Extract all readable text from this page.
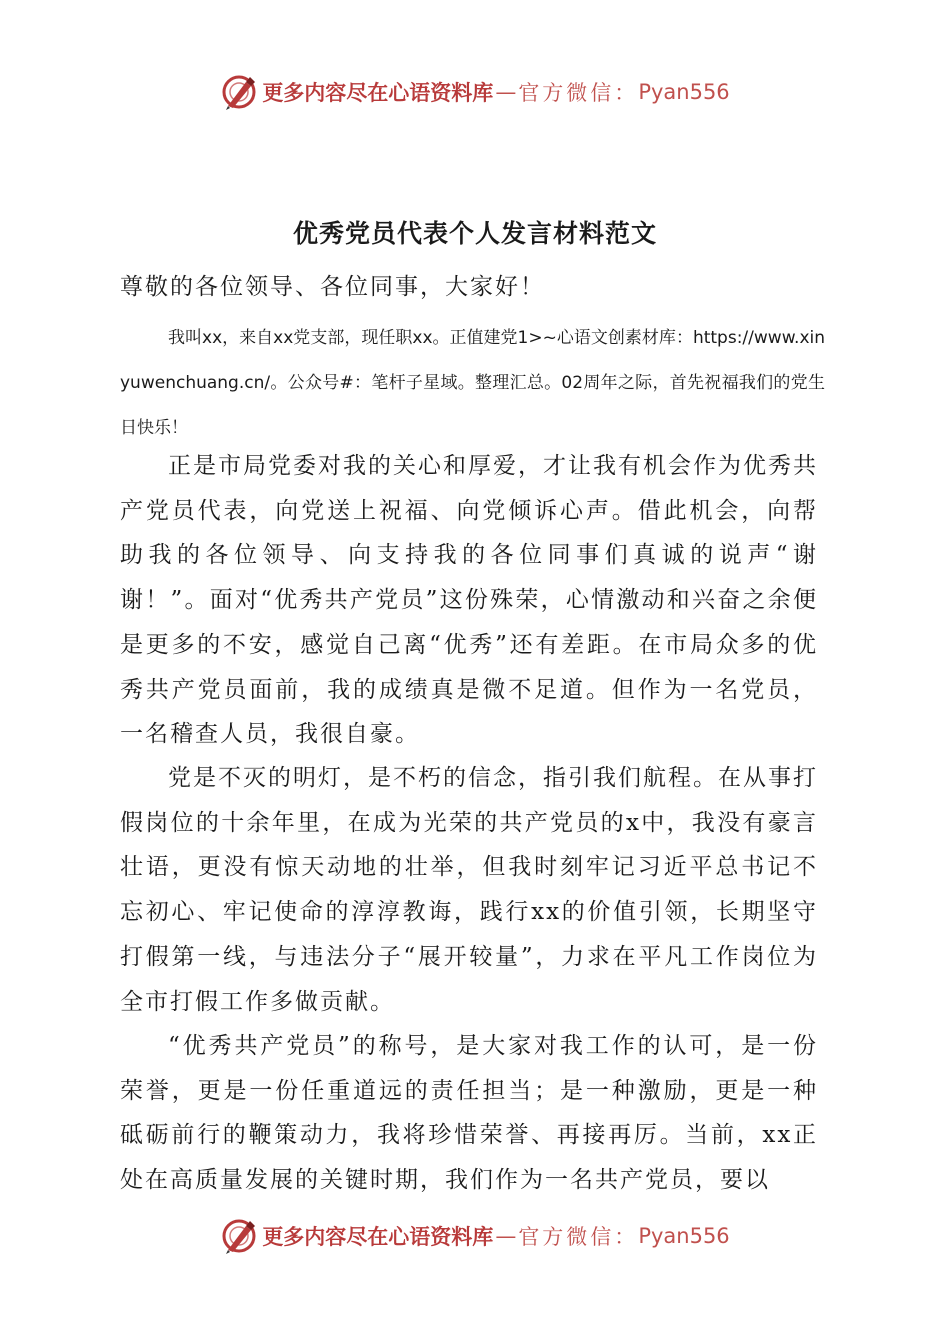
更多内容尽在心语资料库 — 官方微信： Pyan556
优秀党员代表个人发言材料范文

尊敬的各位领导、各位同事，大家好！

我叫xx，来自xx党支部，现任职xx。正值建党1>~心语文创素材库：https://www.xinyuwenchuang.cn/。公众号#：笔杆子星域。整理汇总。02周年之际，首先祝福我们的党生日快乐！

正是市局党委对我的关心和厚爱，才让我有机会作为优秀共产党员代表，向党送上祝福、向党倾诉心声。借此机会，向帮助我的各位领导、向支持我的各位同事们真诚的说声“谢谢！”。面对“优秀共产党员”这份殊荣，心情激动和兴奋之余便是更多的不安，感觉自己离“优秀”还有差距。在市局众多的优秀共产党员面前，我的成绩真是微不足道。但作为一名党员，一名稽查人员，我很自豪。

党是不灭的明灯，是不朽的信念，指引我们航程。在从事打假岗位的十余年里，在成为光荣的共产党员的x中，我没有豪言壮语，更没有惊天动地的壮举，但我时刻牢记习近平总书记不忘初心、牢记使命的淳淳教诲，践行xx的价值引领，长期坚守打假第一线，与违法分子“展开较量”，力求在平凡工作岗位为全市打假工作多做贡献。

“优秀共产党员”的称号，是大家对我工作的认可，是一份荣誉，更是一份任重道远的责任担当；是一种激励，更是一种砥砺前行的鞭策动力，我将珍惜荣誉、再接再厉。当前，xx正处在高质量发展的关键时期，我们作为一名共产党员，要以

更多内容尽在心语资料库 — 官方微信： Pyan556
